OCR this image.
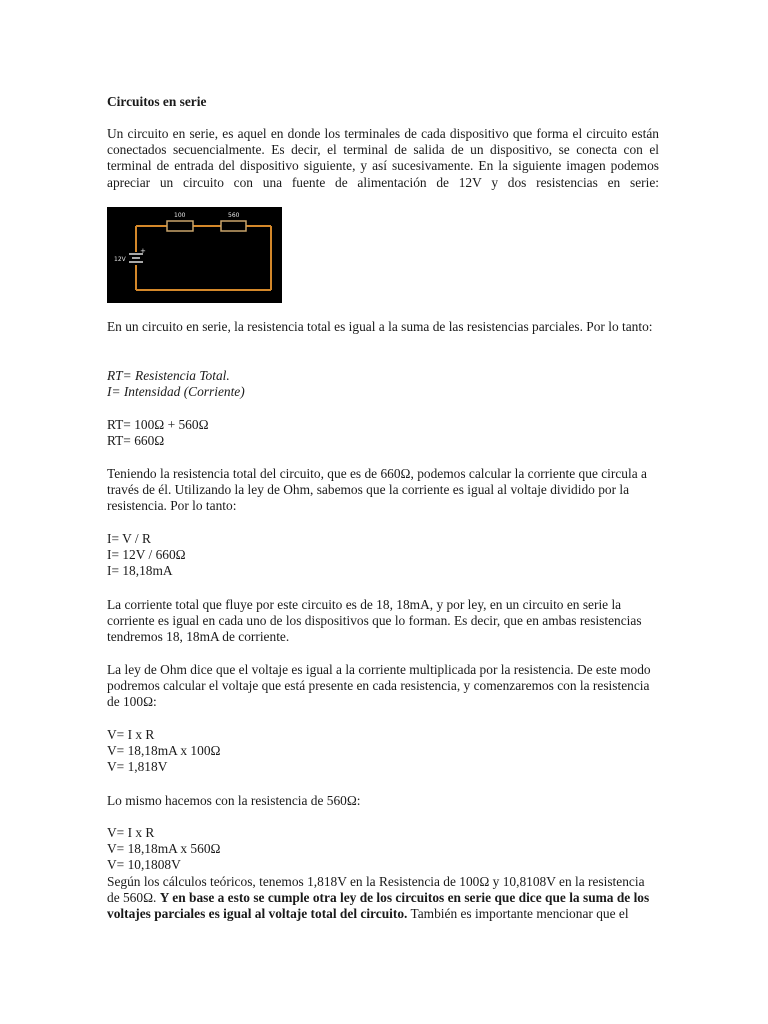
Circuitos en serie

Un circuito en serie, es aquel en donde los terminales de cada dispositivo que forma el circuito están conectados secuencialmente. Es decir, el terminal de salida de un dispositivo, se conecta con el terminal de entrada del dispositivo siguiente, y así sucesivamente. En la siguiente imagen podemos apreciar un circuito con una fuente de alimentación de 12V y dos resistencias en serie:

100	560
12V
+

En un circuito en serie, la resistencia total es igual a la suma de las resistencias parciales. Por lo tanto:

RT= Resistencia Total.
I= Intensidad (Corriente)
RT= 100Ω + 560Ω
RT= 660Ω

Teniendo la resistencia total del circuito, que es de 660Ω, podemos calcular la corriente que circula a través de él. Utilizando la ley de Ohm, sabemos que la corriente es igual al voltaje dividido por la resistencia. Por lo tanto:

I= V / R
I= 12V / 660Ω
I= 18,18mA

La corriente total que fluye por este circuito es de 18, 18mA, y por ley, en un circuito en serie la corriente es igual en cada uno de los dispositivos que lo forman. Es decir, que en ambas resistencias tendremos 18, 18mA de corriente.

La ley de Ohm dice que el voltaje es igual a la corriente multiplicada por la resistencia. De este modo podremos calcular el voltaje que está presente en cada resistencia, y comenzaremos con la resistencia de 100Ω:

V= I x R
V= 18,18mA x 100Ω
V= 1,818V

Lo mismo hacemos con la resistencia de 560Ω:

V= I x R
V= 18,18mA x 560Ω
V= 10,1808V

Según los cálculos teóricos, tenemos 1,818V en la Resistencia de 100Ω y 10,8108V en la resistencia de 560Ω. Y en base a esto se cumple otra ley de los circuitos en serie que dice que la suma de los voltajes parciales es igual al voltaje total del circuito. También es importante mencionar que el
